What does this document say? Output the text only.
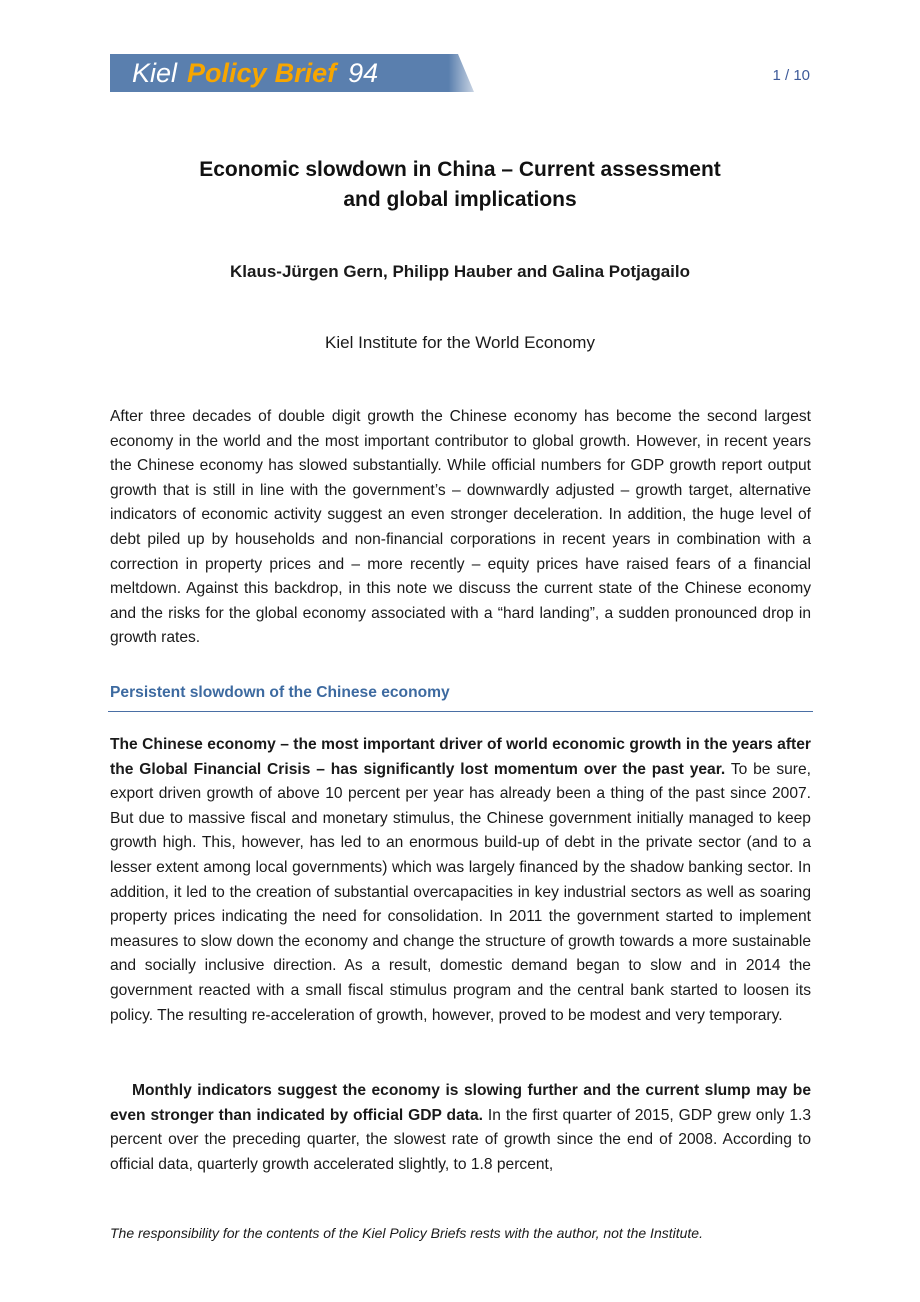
Kiel Policy Brief 94	1 / 10
Economic slowdown in China – Current assessment
and global implications
Klaus-Jürgen Gern, Philipp Hauber and Galina Potjagailo
Kiel Institute for the World Economy

After three decades of double digit growth the Chinese economy has become the second largest economy in the world and the most important contributor to global growth. However, in recent years the Chinese economy has slowed substantially. While official numbers for GDP growth report output growth that is still in line with the government’s – downwardly adjusted – growth target, alternative indicators of economic activity suggest an even stronger deceleration. In addition, the huge level of debt piled up by households and non-financial corporations in recent years in combination with a correction in property prices and – more recently – equity prices have raised fears of a financial meltdown. Against this backdrop, in this note we discuss the current state of the Chinese economy and the risks for the global economy associated with a “hard landing”, a sudden pronounced drop in growth rates.

Persistent slowdown of the Chinese economy

The Chinese economy – the most important driver of world economic growth in the years after the Global Financial Crisis – has significantly lost momentum over the past year. To be sure, export driven growth of above 10 percent per year has already been a thing of the past since 2007. But due to massive fiscal and monetary stimulus, the Chinese government initially managed to keep growth high. This, however, has led to an enormous build-up of debt in the private sector (and to a lesser extent among local governments) which was largely financed by the shadow banking sector. In addition, it led to the creation of substantial overcapacities in key industrial sectors as well as soaring property prices indicating the need for consolidation. In 2011 the government started to implement measures to slow down the economy and change the structure of growth towards a more sustainable and socially inclusive direction. As a result, domestic demand began to slow and in 2014 the government reacted with a small fiscal stimulus program and the central bank started to loosen its policy. The resulting re-acceleration of growth, however, proved to be modest and very temporary.

Monthly indicators suggest the economy is slowing further and the current slump may be even stronger than indicated by official GDP data. In the first quarter of 2015, GDP grew only 1.3 percent over the preceding quarter, the slowest rate of growth since the end of 2008. According to official data, quarterly growth accelerated slightly, to 1.8 percent,

The responsibility for the contents of the Kiel Policy Briefs rests with the author, not the Institute.
